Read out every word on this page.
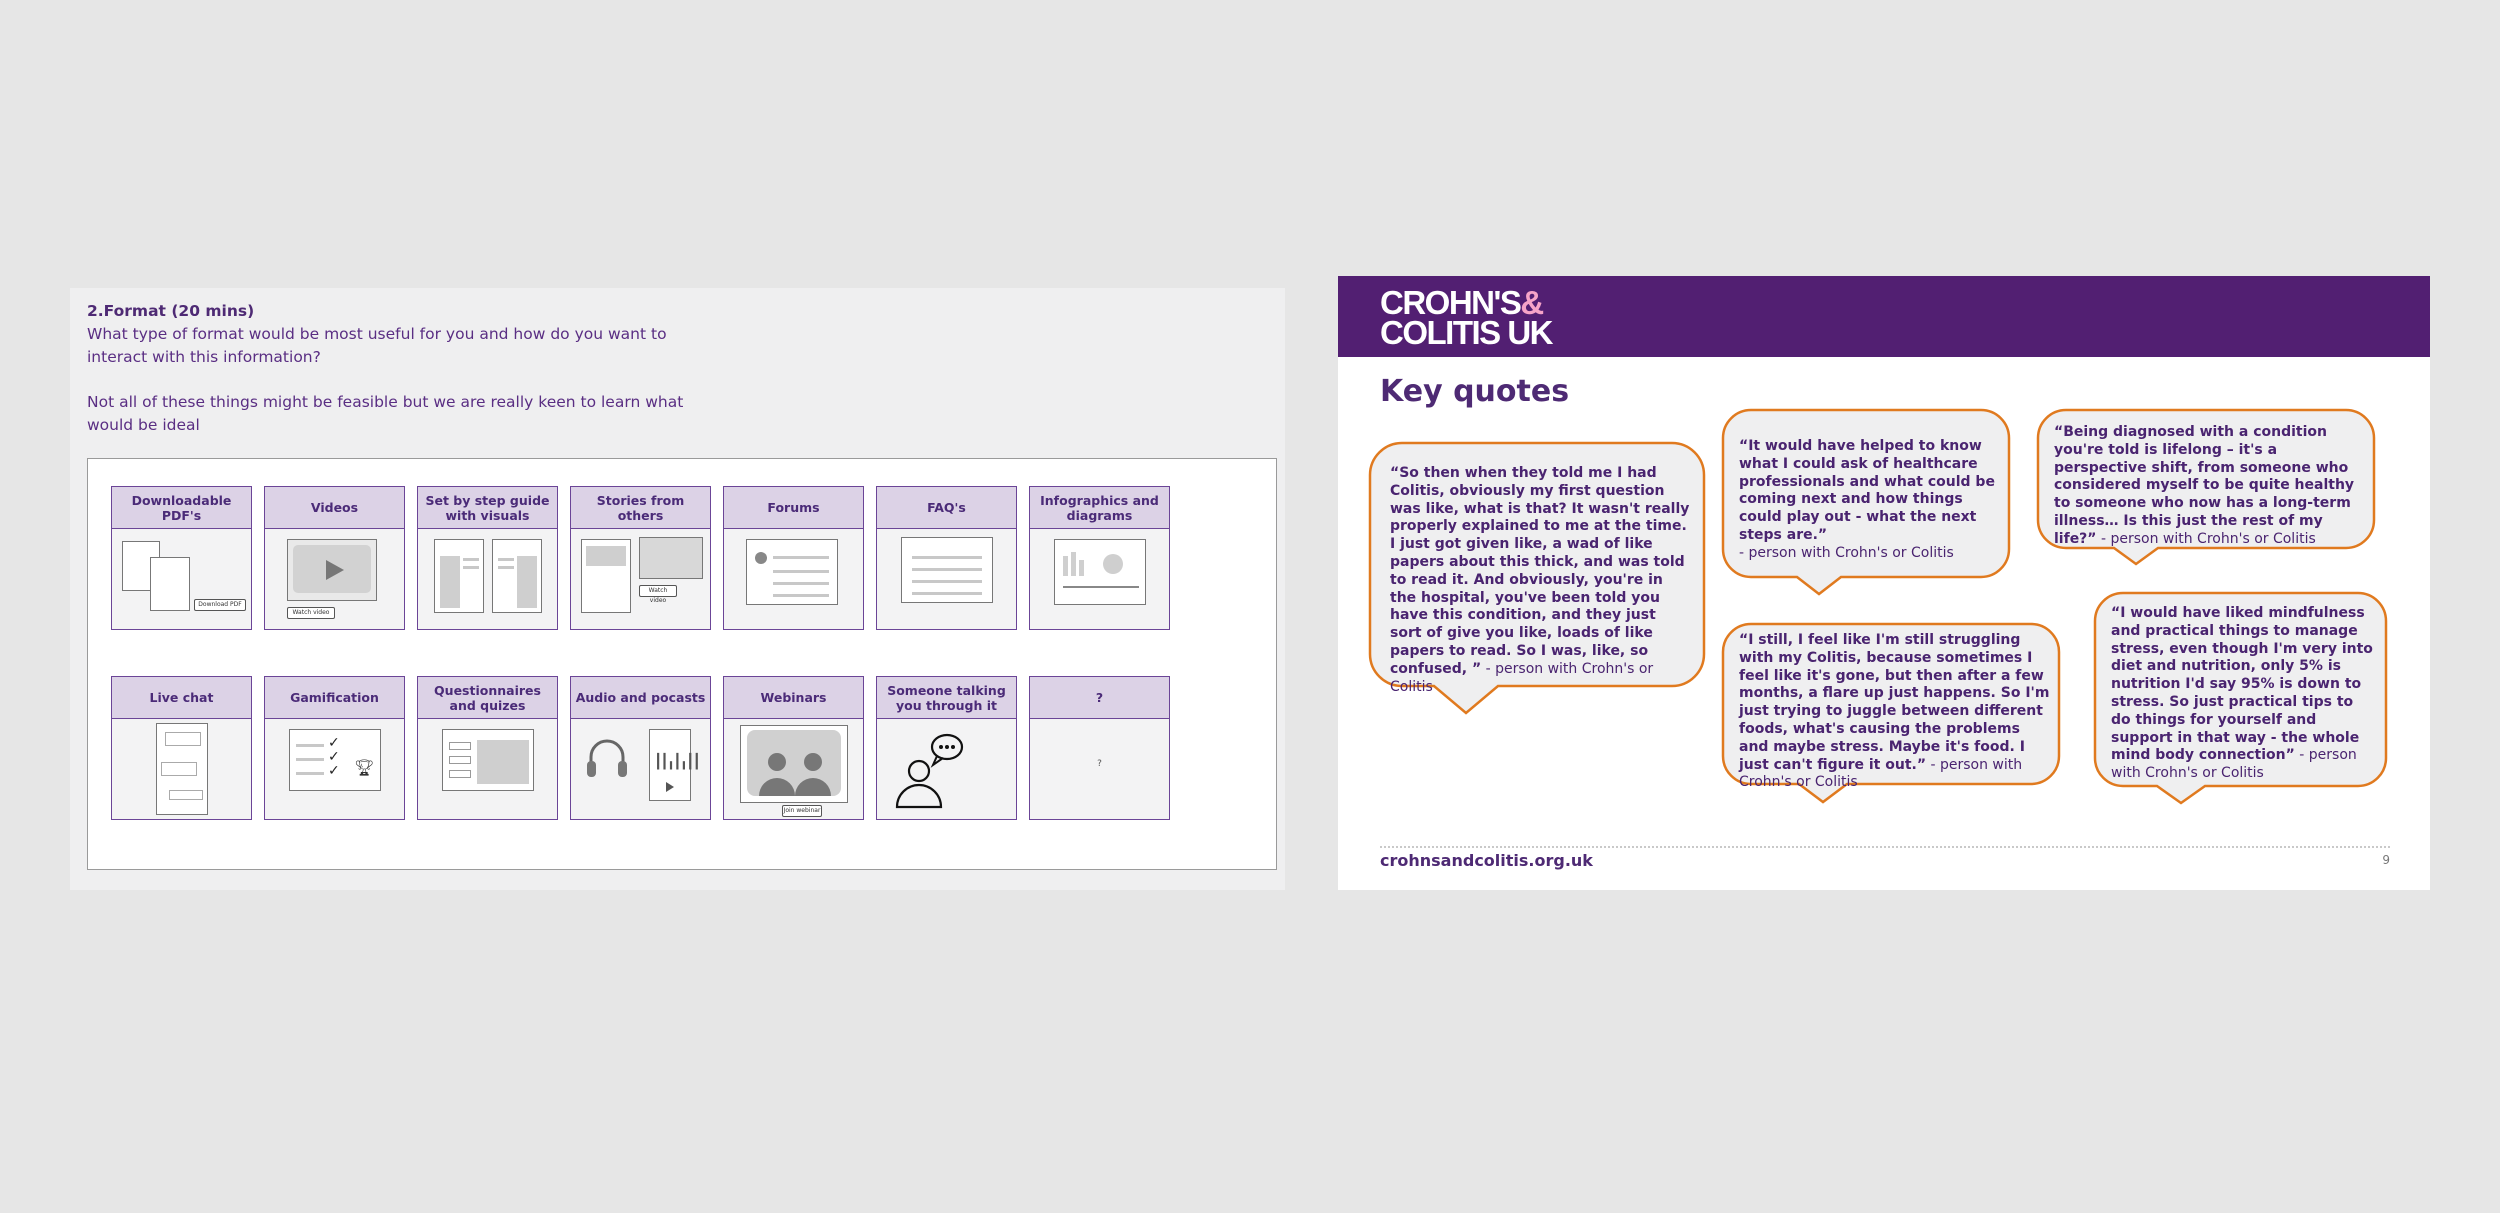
2.Format (20 mins)

What type of format would be most useful for you and how do you want to interact with this information?

Not all of these things might be feasible but we are really keen to learn what would be ideal

Downloadable PDF's
Download PDF
Videos
Watch video
Set by step guide with visuals
Stories from others
Watch video
Forums	FAQ's	Infographics and diagrams
Live chat	Gamification
✓
✓
✓ 🏆︎
Questionnaires and quizes	Audio and pocasts
┃┃╻┃╻┃┃
Webinars
Join webinar
Someone talking you through it	?
?
CROHN'S&
COLITIS UK
Key quotes
“So then when they told me I had Colitis, obviously my first question was like, what is that? It wasn't really properly explained to me at the time. I just got given like, a wad of like papers about this thick, and was told to read it. And obviously, you're in the hospital, you've been told you have this condition, and they just sort of give you like, loads of like papers to read. So I was, like, so confused, ” - person with Crohn's or Colitis
“It would have helped to know what I could ask of healthcare professionals and what could be coming next and how things could play out - what the next steps are.”
- person with Crohn's or Colitis
“Being diagnosed with a condition you're told is lifelong – it's a perspective shift, from someone who considered myself to be quite healthy to someone who now has a long-term illness… Is this just the rest of my life?” - person with Crohn's or Colitis
“I still, I feel like I'm still struggling with my Colitis, because sometimes I feel like it's gone, but then after a few months, a flare up just happens. So I'm just trying to juggle between different foods, what's causing the problems and maybe stress. Maybe it's food. I just can't figure it out.” - person with Crohn's or Colitis
“I would have liked mindfulness and practical things to manage stress, even though I'm very into diet and nutrition, only 5% is nutrition I'd say 95% is down to stress. So just practical tips to do things for yourself and support in that way - the whole mind body connection” - person with Crohn's or Colitis
crohnsandcolitis.org.uk	9
